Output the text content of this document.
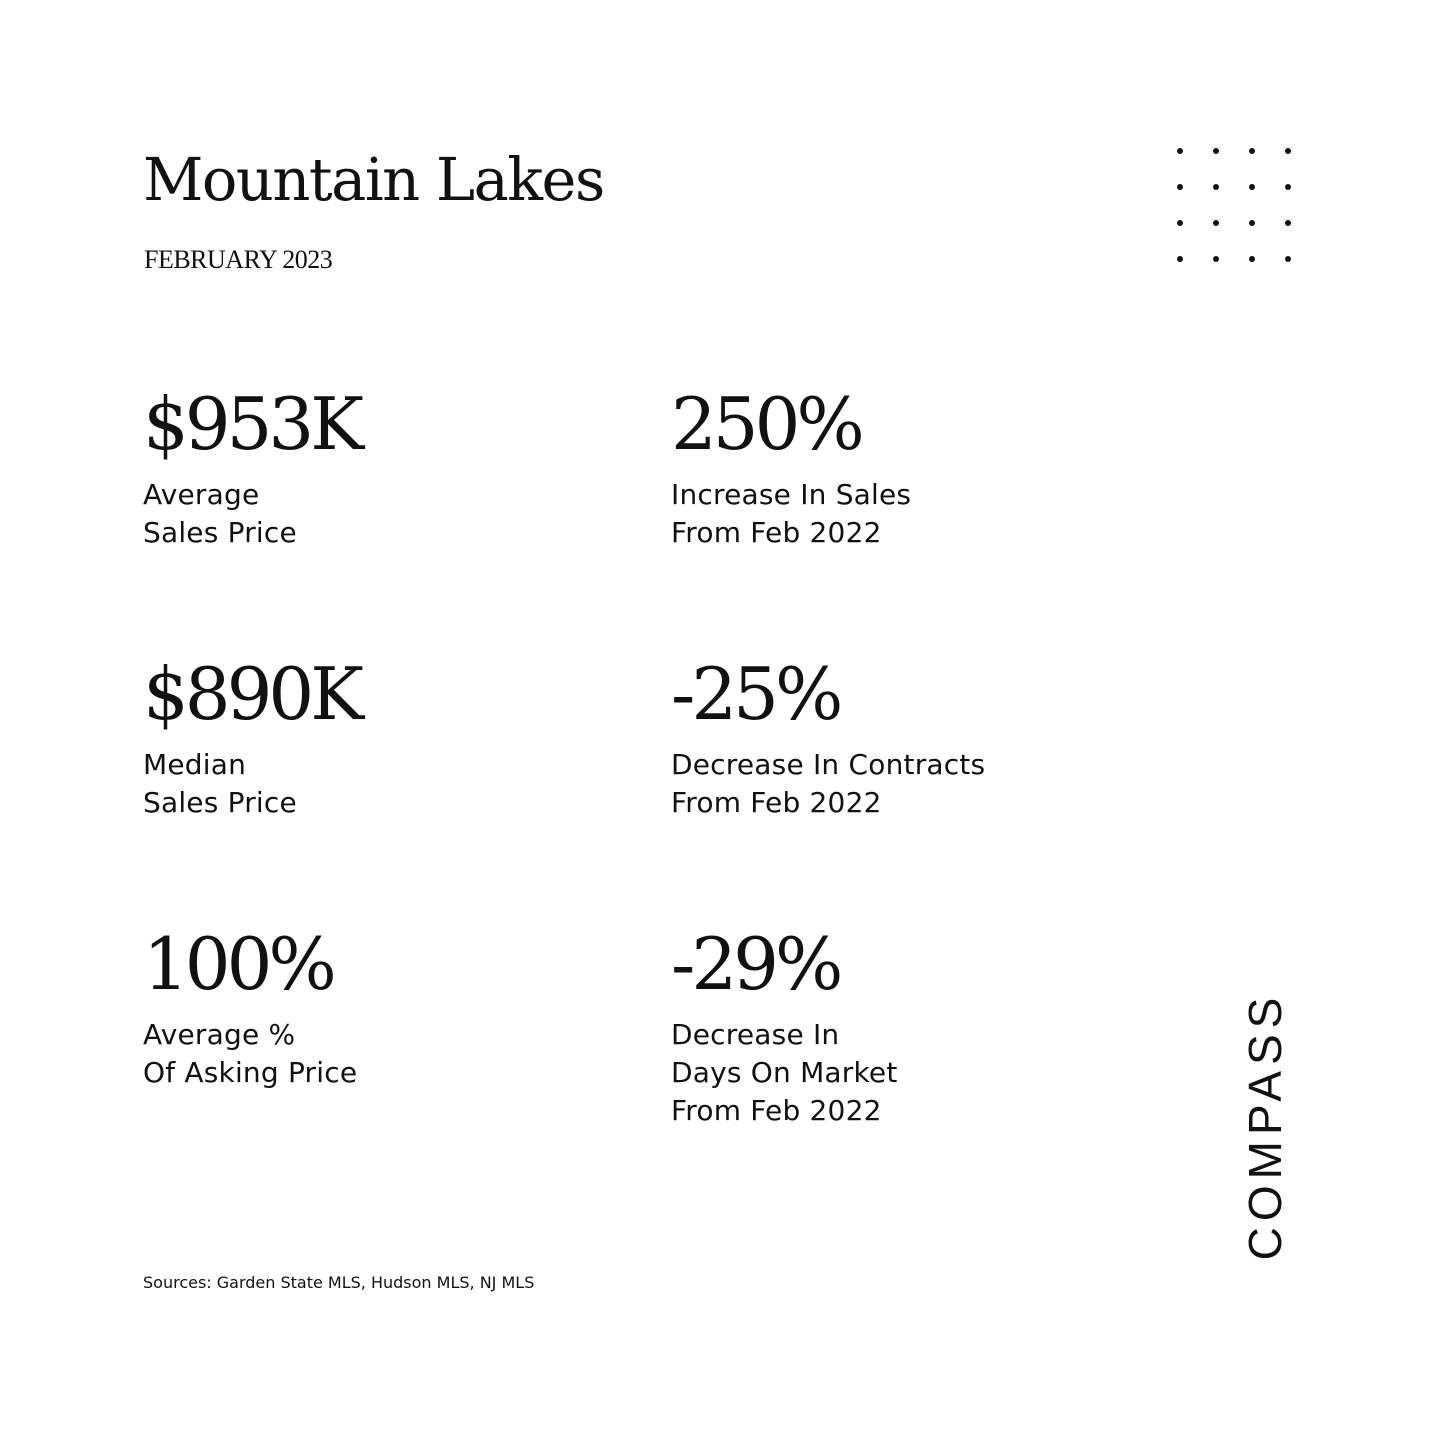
Mountain Lakes
FEBRUARY 2023
$953K
Average
Sales Price
250%
Increase In Sales
From Feb 2022
$890K
Median
Sales Price
-25%
Decrease In Contracts
From Feb 2022
100%
Average %
Of Asking Price
-29%
Decrease In
Days On Market
From Feb 2022
Sources: Garden State MLS, Hudson MLS, NJ MLS
COMPASS
